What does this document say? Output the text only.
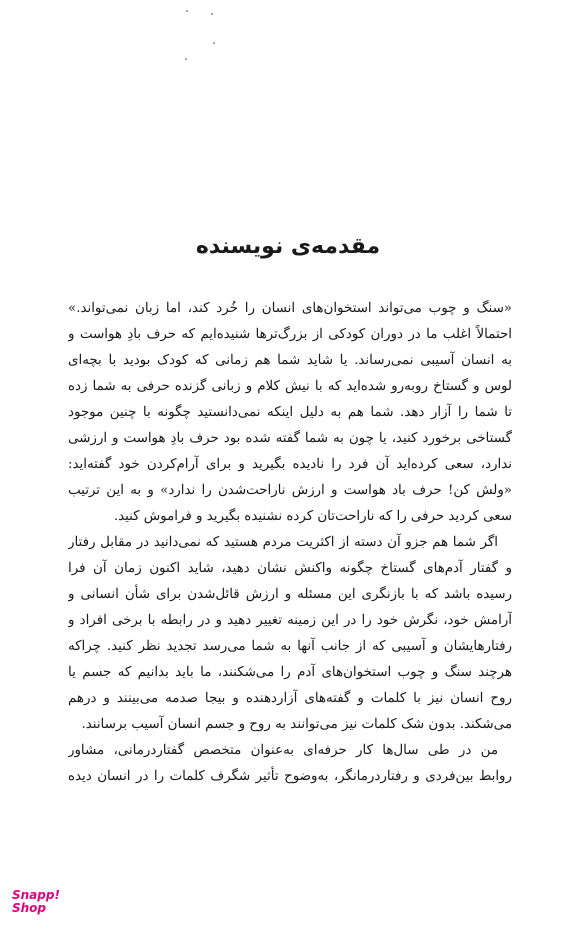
مقدمه‌ی نویسنده
«سنگ و چوب می‌تواند استخوان‌های انسان را خُرد کند، اما زبان نمی‌تواند.»
احتمالاً اغلب ما در دوران کودکی از بزرگ‌ترها شنیده‌ایم که حرف بادِ هواست و
به انسان آسیبی نمی‌رساند. یا شاید شما هم زمانی که کودک بودید با بچه‌ای
لوس و گستاخ روبه‌رو شده‌اید که با نیش کلام و زبانی گزنده حرفی به شما زده
تا شما را آزار دهد. شما هم به دلیل اینکه نمی‌دانستید چگونه با چنین موجود
گستاخی برخورد کنید، یا چون به شما گفته شده بود حرف بادِ هواست و ارزشی
ندارد، سعی کرده‌اید آن فرد را نادیده بگیرید و برای آرام‌کردن خود گفته‌اید:
«ولش کن! حرف باد هواست و ارزش ناراحت‌شدن را ندارد» و به این ترتیب
سعی کردید حرفی را که ناراحت‌تان کرده نشنیده بگیرید و فراموش کنید.
اگر شما هم جزو آن دسته از اکثریت مردم هستید که نمی‌دانید در مقابل رفتار
و گفتار آدم‌های گستاخ چگونه واکنش نشان دهید، شاید اکنون زمان آن فرا
رسیده باشد که با بازنگری این مسئله و ارزش قائل‌شدن برای شأن انسانی و
آرامش خود، نگرش خود را در این زمینه تغییر دهید و در رابطه با برخی افراد و
رفتارهایشان و آسیبی که از جانب آنها به شما می‌رسد تجدید نظر کنید. چراکه
هرچند سنگ و چوب استخوان‌های آدم را می‌شکنند، ما باید بدانیم که جسم یا
روح انسان نیز با کلمات و گفته‌های آزاردهنده و بیجا صدمه می‌بینند و درهم
می‌شکند. بدون شک کلمات نیز می‌توانند به روح و جسم انسان آسیب برسانند.
من در طی سال‌ها کار حرفه‌ای به‌عنوان متخصص گفتاردرمانی، مشاور
روابط بین‌فردی و رفتاردرمانگر، به‌وضوح تأثیر شگرف کلمات را در انسان دیده
Snapp!
Shop
